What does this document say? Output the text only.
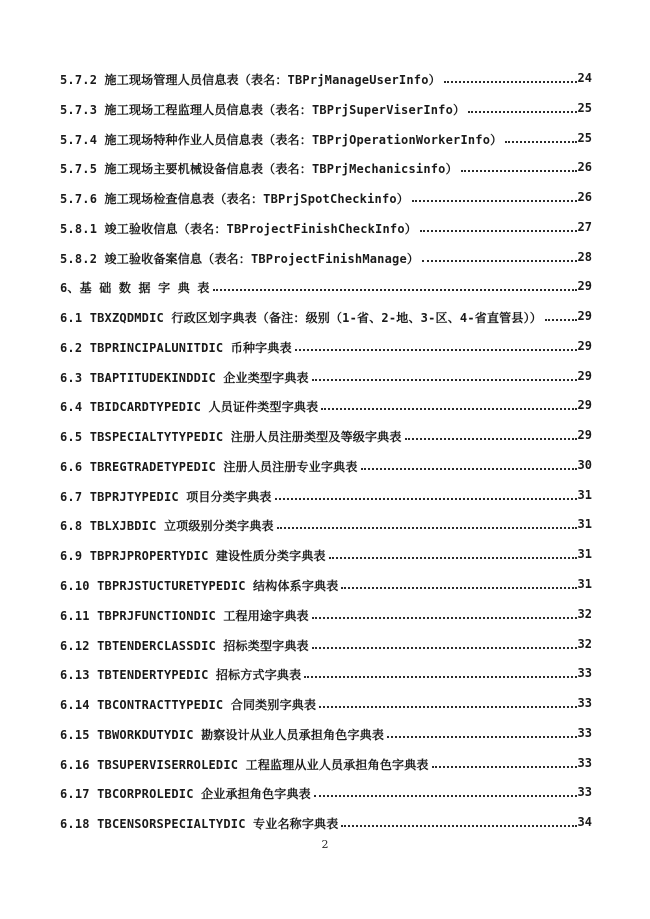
5.7.2 施工现场管理人员信息表（表名：TBPrjManageUserInfo）	24
5.7.3 施工现场工程监理人员信息表（表名：TBPrjSuperViserInfo）	25
5.7.4 施工现场特种作业人员信息表（表名：TBPrjOperationWorkerInfo）	25
5.7.5 施工现场主要机械设备信息表（表名：TBPrjMechanicsinfo）	26
5.7.6 施工现场检查信息表（表名：TBPrjSpotCheckinfo）	26
5.8.1 竣工验收信息（表名：TBProjectFinishCheckInfo）	27
5.8.2 竣工验收备案信息（表名：TBProjectFinishManage）	28
6、基 础 数 据 字 典 表	29
6.1 TBXZQDMDIC 行政区划字典表（备注：级别（1-省、2-地、3-区、4-省直管县））	29
6.2 TBPRINCIPALUNITDIC 币种字典表	29
6.3 TBAPTITUDEKINDDIC 企业类型字典表	29
6.4 TBIDCARDTYPEDIC 人员证件类型字典表	29
6.5 TBSPECIALTYTYPEDIC 注册人员注册类型及等级字典表	29
6.6 TBREGTRADETYPEDIC 注册人员注册专业字典表	30
6.7 TBPRJTYPEDIC 项目分类字典表	31
6.8 TBLXJBDIC 立项级别分类字典表	31
6.9 TBPRJPROPERTYDIC 建设性质分类字典表	31
6.10 TBPRJSTUCTURETYPEDIC 结构体系字典表	31
6.11 TBPRJFUNCTIONDIC 工程用途字典表	32
6.12 TBTENDERCLASSDIC 招标类型字典表	32
6.13 TBTENDERTYPEDIC 招标方式字典表	33
6.14 TBCONTRACTTYPEDIC 合同类别字典表	33
6.15 TBWORKDUTYDIC 勘察设计从业人员承担角色字典表	33
6.16 TBSUPERVISERROLEDIC 工程监理从业人员承担角色字典表	33
6.17 TBCORPROLEDIC 企业承担角色字典表	33
6.18 TBCENSORSPECIALTYDIC 专业名称字典表	34
2
